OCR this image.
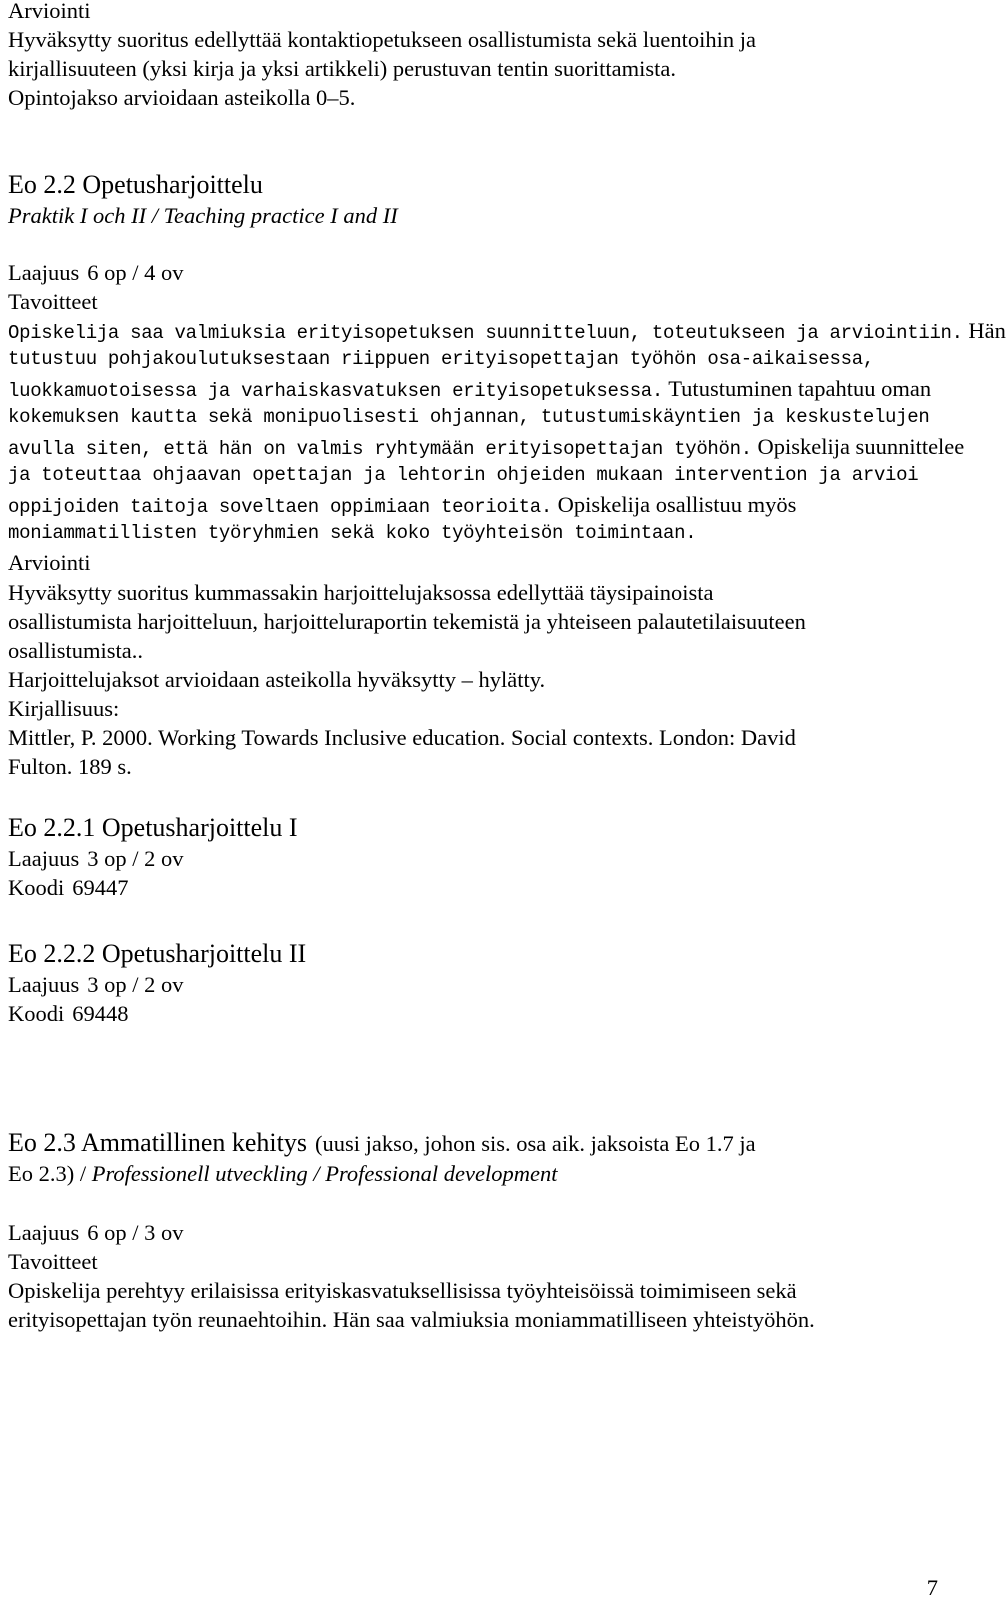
Arviointi
Hyväksytty suoritus edellyttää kontaktiopetukseen osallistumista sekä luentoihin ja
kirjallisuuteen (yksi kirja ja yksi artikkeli) perustuvan tentin suorittamista.
Opintojakso arvioidaan asteikolla 0–5.
Eo 2.2 Opetusharjoittelu
Praktik I och II / Teaching practice I and II
Laajuus 6 op / 4 ov
Tavoitteet
Opiskelija saa valmiuksia erityisopetuksen suunnitteluun, toteutukseen ja arviointiin. Hän
tutustuu pohjakoulutuksestaan riippuen erityisopettajan työhön osa-aikaisessa,
luokkamuotoisessa ja varhaiskasvatuksen erityisopetuksessa. Tutustuminen tapahtuu oman
kokemuksen kautta sekä monipuolisesti ohjannan, tutustumiskäyntien ja keskustelujen
avulla siten, että hän on valmis ryhtymään erityisopettajan työhön. Opiskelija suunnittelee
ja toteuttaa ohjaavan opettajan ja lehtorin ohjeiden mukaan intervention ja arvioi
oppijoiden taitoja soveltaen oppimiaan teorioita. Opiskelija osallistuu myös
moniammatillisten työryhmien sekä koko työyhteisön toimintaan.
Arviointi
Hyväksytty suoritus kummassakin harjoittelujaksossa edellyttää täysipainoista
osallistumista harjoitteluun, harjoitteluraportin tekemistä ja yhteiseen palautetilaisuuteen
osallistumista..
Harjoittelujaksot arvioidaan asteikolla hyväksytty – hylätty.
Kirjallisuus:
Mittler, P. 2000. Working Towards Inclusive education. Social contexts. London: David
Fulton. 189 s.
Eo 2.2.1 Opetusharjoittelu I
Laajuus 3 op / 2 ov
Koodi 69447
Eo 2.2.2 Opetusharjoittelu II
Laajuus 3 op / 2 ov
Koodi 69448
Eo 2.3 Ammatillinen kehitys (uusi jakso, johon sis. osa aik. jaksoista Eo 1.7 ja
Eo 2.3) / Professionell utveckling / Professional development
Laajuus 6 op / 3 ov
Tavoitteet
Opiskelija perehtyy erilaisissa erityiskasvatuksellisissa työyhteisöissä toimimiseen sekä
erityisopettajan työn reunaehtoihin. Hän saa valmiuksia moniammatilliseen yhteistyöhön.
7
